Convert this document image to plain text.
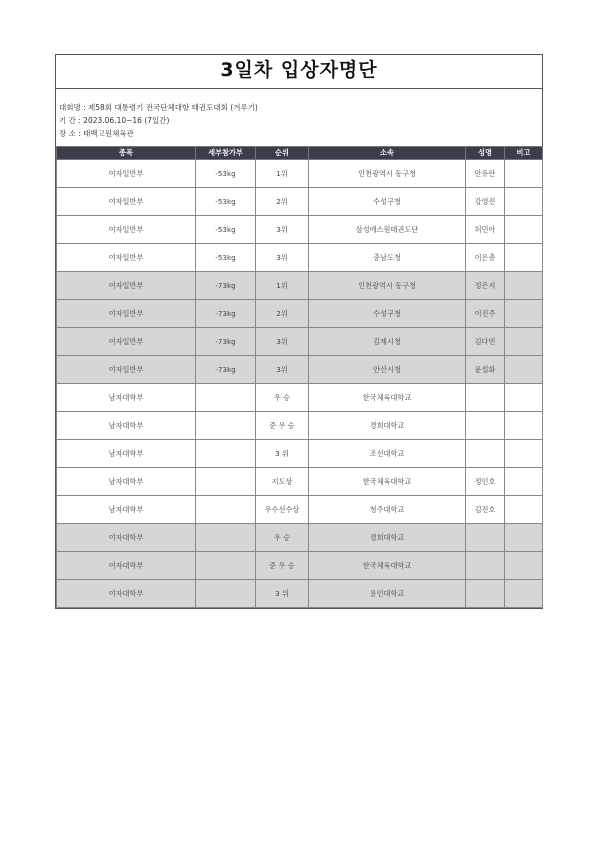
3일차 입상자명단
대회명 : 제58회 대통령기 전국단체대항 태권도대회 (겨루기)
기 간 : 2023.06.10~16 (7일간)
장 소 : 태백고원체육관
종목	세부참가부	순위	소속	성명	비고
여자일반부	-53kg	1위	인천광역시 동구청	안유란	
여자일반부	-53kg	2위	수성구청	강영진	
여자일반부	-53kg	3위	삼성에스원태권도단	허민아	
여자일반부	-53kg	3위	충남도청	이은총	
여자일반부	-73kg	1위	인천광역시 동구청	정은지	
여자일반부	-73kg	2위	수성구청	이진주	
여자일반부	-73kg	3위	김제시청	김다빈	
여자일반부	-73kg	3위	안산시청	윤설화	
남자대학부		우 승	한국체육대학교		
남자대학부		준 우 승	경희대학교		
남자대학부		3 위	조선대학교		
남자대학부		지도상	한국체육대학교	정인호	
남자대학부		우수선수상	청주대학교	김진호	
여자대학부		우 승	경희대학교		
여자대학부		준 우 승	한국체육대학교		
여자대학부		3 위	용인대학교		
